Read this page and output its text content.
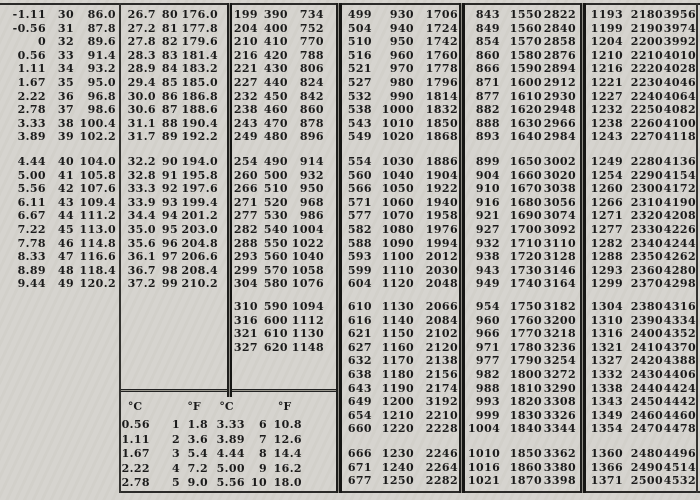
-1.11	30	86.0
-0.56	31	87.8
0	32	89.6
0.56	33	91.4
1.11	34	93.2
1.67	35	95.0
2.22	36	96.8
2.78	37	98.6
3.33	38 100.4
3.89	39 102.2
4.44	40 104.0
5.00	41 105.8
5.56	42 107.6
6.11	43 109.4
6.67	44 111.2
7.22	45 113.0
7.78	46 114.8
8.33	47 116.6
8.89	48 118.4
9.44	49 120.2
26.7 80 176.0
27.2 81 177.8
27.8 82 179.6
28.3 83 181.4
28.9 84 183.2
29.4 85 185.0
30.0 86 186.8
30.6 87 188.6
31.1 88 190.4
31.7 89 192.2
32.2 90 194.0
32.8 91 195.8
33.3 92 197.6
33.9 93 199.4
34.4 94 201.2
35.0 95 203.0
35.6 96 204.8
36.1 97 206.6
36.7 98 208.4
37.2 99 210.2
199 390	734
204 400	752
210 410	770
216 420	788
221 430	806
227 440	824
232 450	842
238 460	860
243 470	878
249 480	896
254 490	914
260 500	932
266 510	950
271 520	968
277 530	986
282 540 1004
288 550 1022
293 560 1040
299 570 1058
304 580 1076
310 590 1094
316 600 1112
321 610 1130
327 620 1148
499	930	1706
504	940	1724
510	950	1742
516	960	1760
521	970	1778
527	980	1796
532	990	1814
538 1000	1832
543 1010	1850
549 1020	1868
554 1030	1886
560 1040	1904
566 1050	1922
571 1060	1940
577 1070	1958
582 1080	1976
588 1090	1994
593 1100	2012
599 1110	2030
604 1120	2048
610 1130	2066
616 1140	2084
621 1150	2102
627 1160	2120
632 1170	2138
638 1180	2156
643 1190	2174
649 1200	3192
654 1210	2210
660 1220	2228
666 1230	2246
671 1240	2264
677 1250	2282
843 1550 2822
849 1560 2840
854 1570 2858
860 1580 2876
866 1590 2894
871 1600 2912
877 1610 2930
882 1620 2948
888 1630 2966
893 1640 2984
899 1650 3002
904 1660 3020
910 1670 3038
916 1680 3056
921 1690 3074
927 1700 3092
932 1710 3110
938 1720 3128
943 1730 3146
949 1740 3164
954 1750 3182
960 1760 3200
966 1770 3218
971 1780 3236
977 1790 3254
982 1800 3272
988 1810 3290
993 1820 3308
999 1830 3326
1004 1840 3344
1010 1850 3362
1016 1860 3380
1021 1870 3398
1193 2180 3956
1199 2190 3974
1204 2200 3992
1210 2210 4010
1216 2220 4028
1221 2230 4046
1227 2240 4064
1232 2250 4082
1238 2260 4100
1243 2270 4118
1249 2280 4136
1254 2290 4154
1260 2300 4172
1266 2310 4190
1271 2320 4208
1277 2330 4226
1282 2340 4244
1288 2350 4262
1293 2360 4280
1299 2370 4298
1304 2380 4316
1310 2390 4334
1316 2400 4352
1321 2410 4370
1327 2420 4388
1332 2430 4406
1338 2440 4424
1343 2450 4442
1349 2460 4460
1354 2470 4478
1360 2480 4496
1366 2490 4514
1371 2500 4532
°C	°F	°C	°F
0.56	1 1.8 3.33	6 10.8
1.11	2 3.6 3.89	7 12.6
1.67	3 5.4 4.44	8 14.4
2.22	4 7.2 5.00	9 16.2
2.78	5 9.0 5.56 10 18.0
